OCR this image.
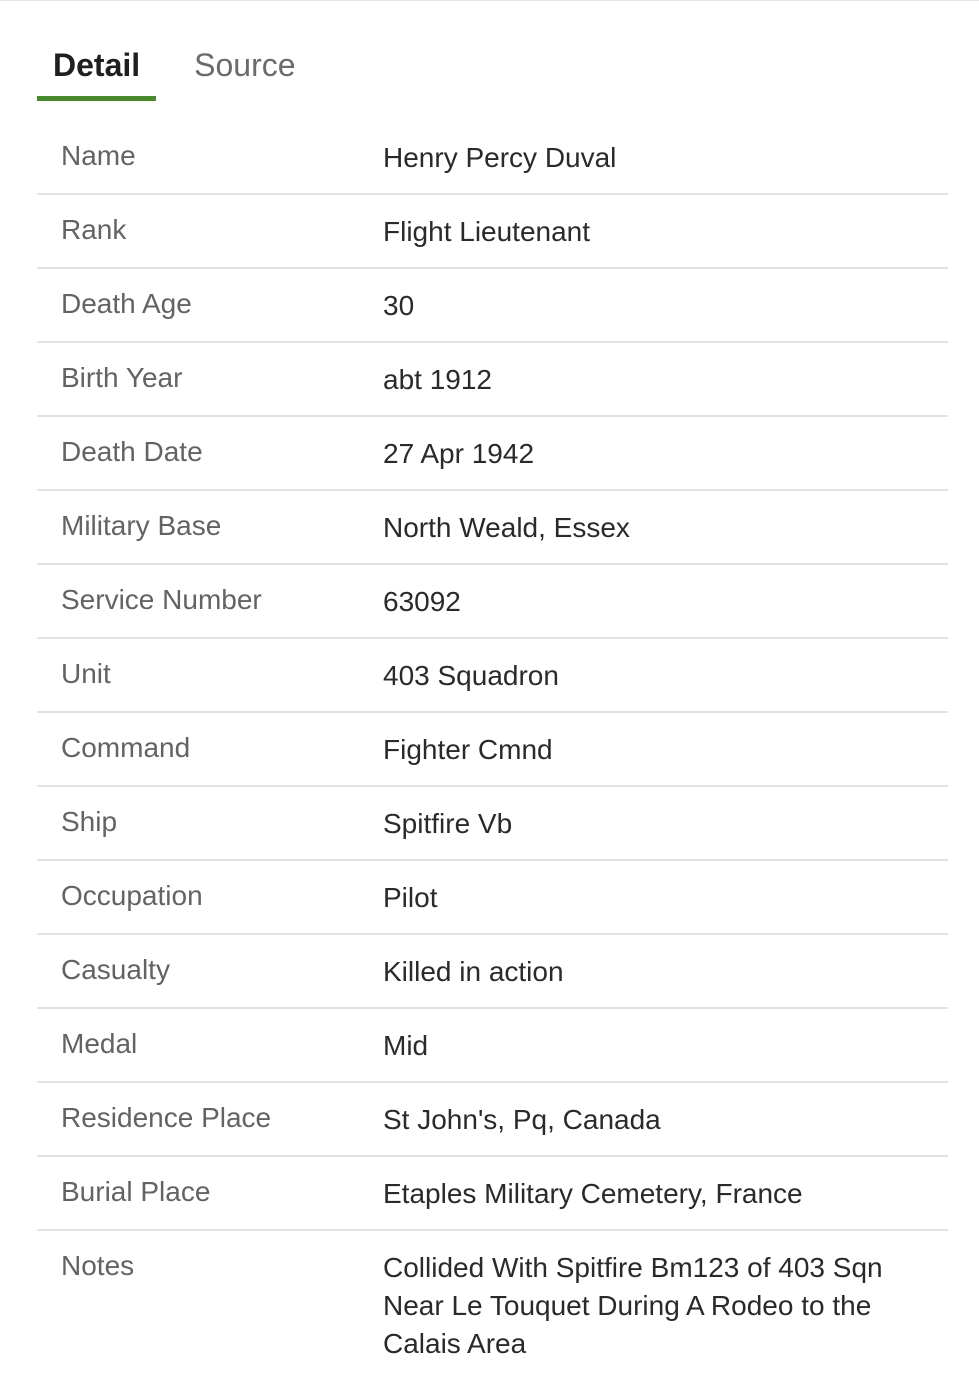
Detail	Source
Name	Henry Percy Duval
Rank	Flight Lieutenant
Death Age	30
Birth Year	abt 1912
Death Date	27 Apr 1942
Military Base	North Weald, Essex
Service Number	63092
Unit	403 Squadron
Command	Fighter Cmnd
Ship	Spitfire Vb
Occupation	Pilot
Casualty	Killed in action
Medal	Mid
Residence Place	St John's, Pq, Canada
Burial Place	Etaples Military Cemetery, France
Notes	Collided With Spitfire Bm123 of 403 Sqn Near Le Touquet During A Rodeo to the Calais Area
